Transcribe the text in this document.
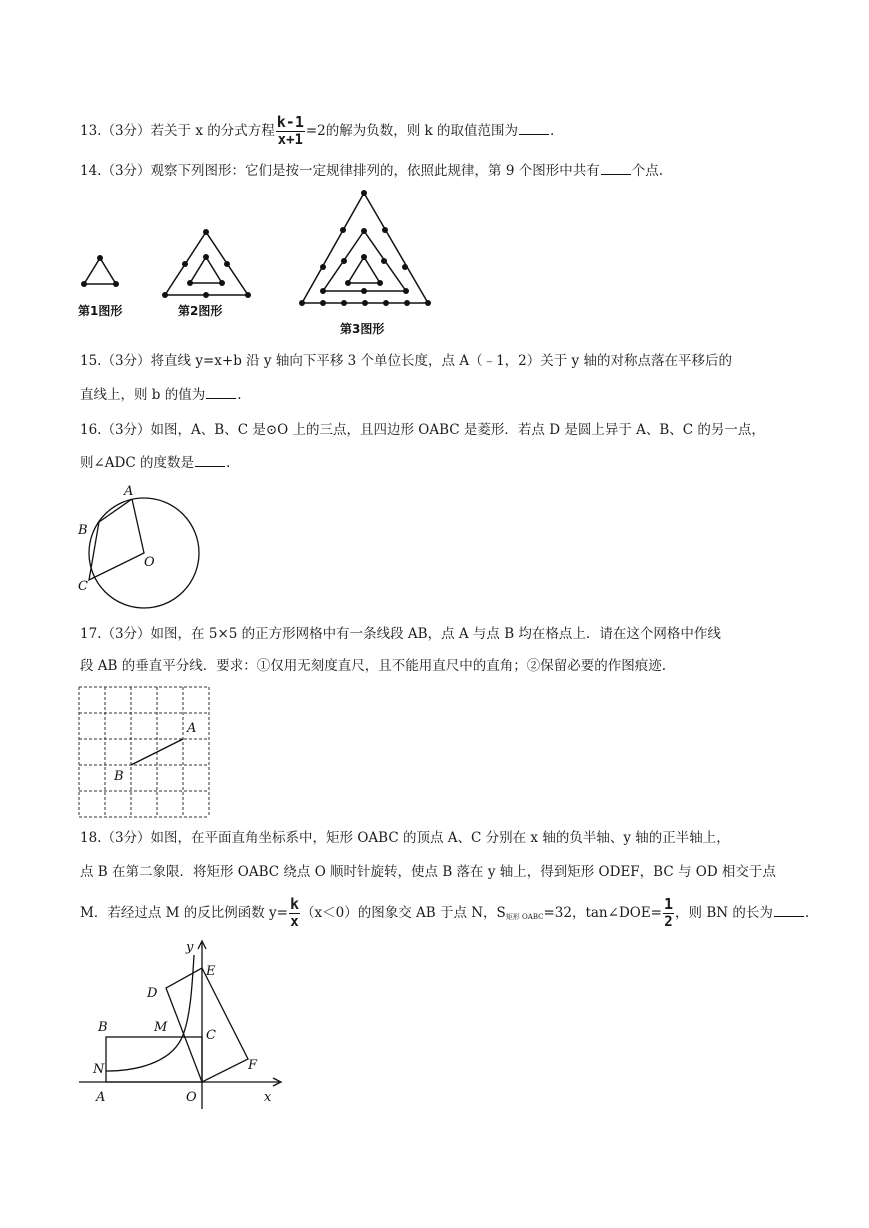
13.（3分）若关于 x 的分式方程 $\frac{k-1}{x+1} =2$的解为负数，则 k 的取值范围为 .
14.（3分）观察下列图形：它们是按一定规律排列的，依照此规律，第 9 个图形中共有 个点.
第1图形	第2图形
第3图形
15.（3分）将直线 y=x+b 沿 y 轴向下平移 3 个单位长度，点 A（﹣1，2）关于 y 轴的对称点落在平移后的
直线上，则 b 的值为 .
16.（3分）如图，A、B、C 是⊙O 上的三点，且四边形 OABC 是菱形．若点 D 是圆上异于 A、B、C 的另一点，
则∠ADC 的度数是 .
A
B
C
O
17.（3分）如图，在 5×5 的正方形网格中有一条线段 AB，点 A 与点 B 均在格点上．请在这个网格中作线
段 AB 的垂直平分线．要求：①仅用无刻度直尺，且不能用直尺中的直角；②保留必要的作图痕迹.
A
B
18.（3分）如图，在平面直角坐标系中，矩形 OABC 的顶点 A、C 分别在 x 轴的负半轴、y 轴的正半轴上，
点 B 在第二象限．将矩形 OABC 绕点 O 顺时针旋转，使点 B 落在 y 轴上，得到矩形 ODEF，BC 与 OD 相交于点
M．若经过点 M 的反比例函数 $y= \frac{k}{x} (x<0)$的图象交 AB 于点 N，$S_{矩形 OABC}=32$，tan∠DOE= $\frac{1}{2}$ ，则 BN 的长为 .
y
E
D
B	M
C
N	F
A	O	x
